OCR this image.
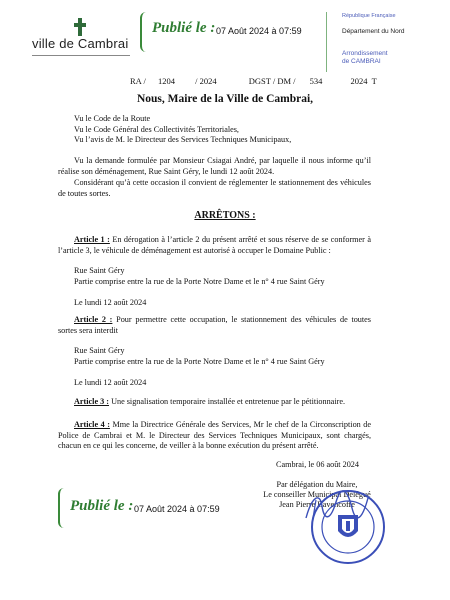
ville de Cambrai
Publié le : 07 Août 2024 à 07:59
République Française
Département du Nord
Arrondissement
de CAMBRAI
RA / 1204 / 2024	DGST / DM / 534	2024 T
Nous, Maire de la Ville de Cambrai,
Vu le Code de la Route
Vu le Code Général des Collectivités Territoriales,
Vu l’avis de M. le Directeur des Services Techniques Municipaux,
Vu la demande formulée par Monsieur Csiagai André, par laquelle il nous informe qu’il réalise son déménagement, Rue Saint Géry, le lundi 12 août 2024.
Considérant qu’à cette occasion il convient de réglementer le stationnement des véhicules de toutes sortes.
ARRÊTONS :
Article 1 : En dérogation à l’article 2 du présent arrêté et sous réserve de se conformer à l’article 3, le véhicule de déménagement est autorisé à occuper le Domaine Public :
Rue Saint Géry
Partie comprise entre la rue de la Porte Notre Dame et le n° 4 rue Saint Géry
Le lundi 12 août 2024
Article 2 : Pour permettre cette occupation, le stationnement des véhicules de toutes sortes sera interdit
Rue Saint Géry
Partie comprise entre la rue de la Porte Notre Dame et le n° 4 rue Saint Géry
Le lundi 12 août 2024
Article 3 : Une signalisation temporaire installée et entretenue par le pétitionnaire.
Article 4 : Mme la Directrice Générale des Services, Mr le chef de la Circonscription de Police de Cambrai et M. le Directeur des Services Techniques Municipaux, sont chargés, chacun en ce qui les concerne, de veiller à la bonne exécution du présent arrêté.
Cambrai, le 06 août 2024
Par délégation du Maire,
Le conseiller Municipal Délégué
Jean Pierre Bavencoffe
Publié le : 07 Août 2024 à 07:59
